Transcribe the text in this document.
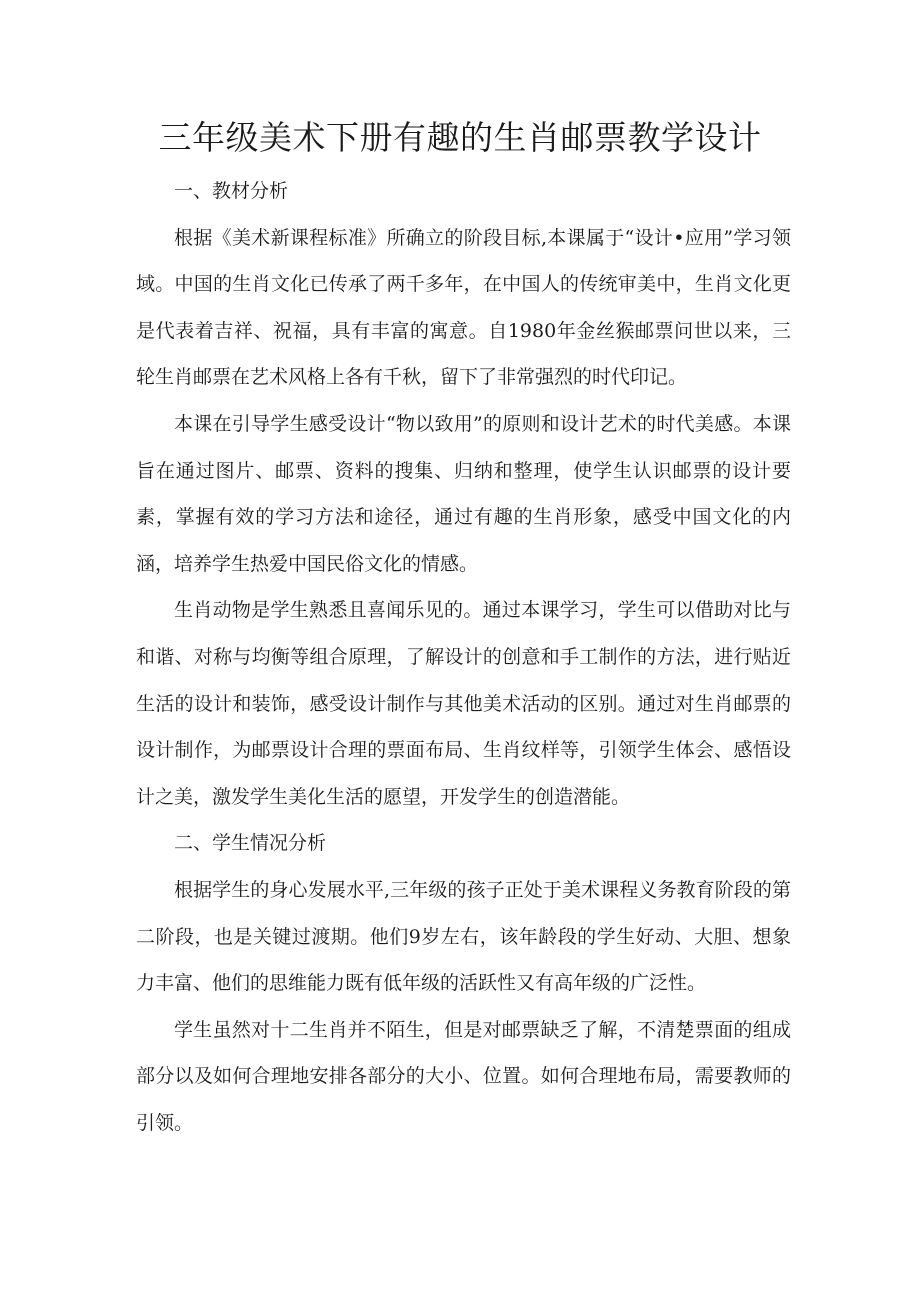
三年级美术下册有趣的生肖邮票教学设计

一、教材分析

根据《美术新课程标准》所确立的阶段目标,本课属于“设计•应用”学习领域。中国的生肖文化已传承了两千多年，在中国人的传统审美中，生肖文化更是代表着吉祥、祝福，具有丰富的寓意。自1980年金丝猴邮票问世以来，三轮生肖邮票在艺术风格上各有千秋，留下了非常强烈的时代印记。

本课在引导学生感受设计“物以致用”的原则和设计艺术的时代美感。本课旨在通过图片、邮票、资料的搜集、归纳和整理，使学生认识邮票的设计要素，掌握有效的学习方法和途径，通过有趣的生肖形象，感受中国文化的内涵，培养学生热爱中国民俗文化的情感。

生肖动物是学生熟悉且喜闻乐见的。通过本课学习，学生可以借助对比与和谐、对称与均衡等组合原理，了解设计的创意和手工制作的方法，进行贴近生活的设计和装饰，感受设计制作与其他美术活动的区别。通过对生肖邮票的设计制作，为邮票设计合理的票面布局、生肖纹样等，引领学生体会、感悟设计之美，激发学生美化生活的愿望，开发学生的创造潜能。

二、学生情况分析

根据学生的身心发展水平,三年级的孩子正处于美术课程义务教育阶段的第二阶段，也是关键过渡期。他们9岁左右，该年龄段的学生好动、大胆、想象力丰富、他们的思维能力既有低年级的活跃性又有高年级的广泛性。

学生虽然对十二生肖并不陌生，但是对邮票缺乏了解，不清楚票面的组成部分以及如何合理地安排各部分的大小、位置。如何合理地布局，需要教师的引领。
